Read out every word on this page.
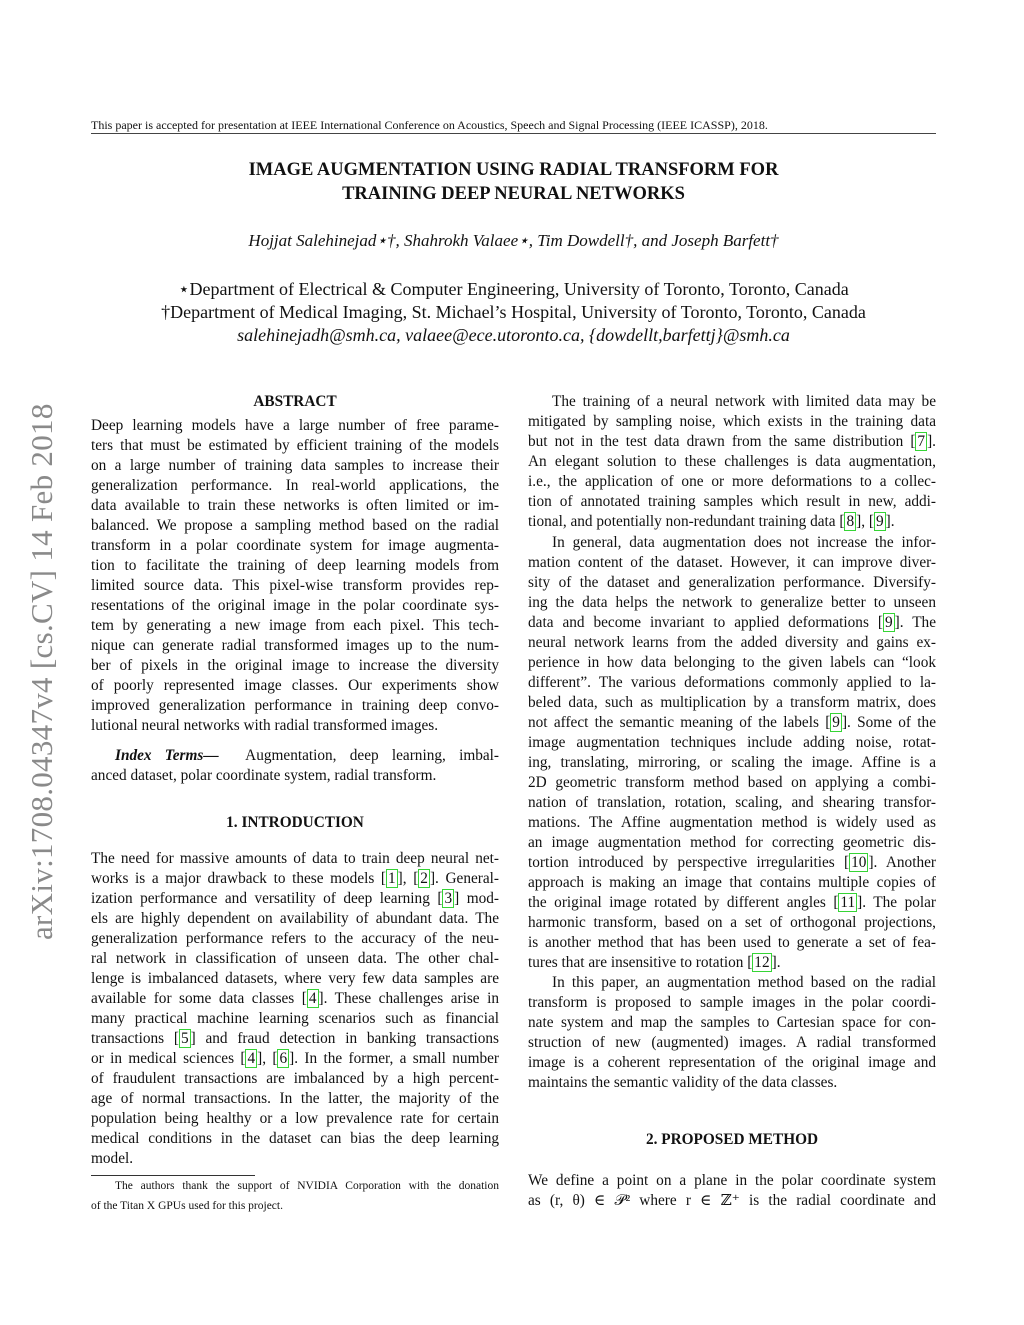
This paper is accepted for presentation at IEEE International Conference on Acoustics, Speech and Signal Processing (IEEE ICASSP), 2018.
IMAGE AUGMENTATION USING RADIAL TRANSFORM FOR
TRAINING DEEP NEURAL NETWORKS
Hojjat Salehinejad⋆†, Shahrokh Valaee⋆, Tim Dowdell†, and Joseph Barfett†
⋆Department of Electrical & Computer Engineering, University of Toronto, Toronto, Canada
†Department of Medical Imaging, St. Michael’s Hospital, University of Toronto, Toronto, Canada
salehinejadh@smh.ca, valaee@ece.utoronto.ca, {dowdellt,barfettj}@smh.ca
arXiv:1708.04347v4 [cs.CV] 14 Feb 2018
ABSTRACT
Deep learning models have a large number of free parame-
ters that must be estimated by efficient training of the models
on a large number of training data samples to increase their
generalization performance. In real-world applications, the
data available to train these networks is often limited or im-
balanced. We propose a sampling method based on the radial
transform in a polar coordinate system for image augmenta-
tion to facilitate the training of deep learning models from
limited source data. This pixel-wise transform provides rep-
resentations of the original image in the polar coordinate sys-
tem by generating a new image from each pixel. This tech-
nique can generate radial transformed images up to the num-
ber of pixels in the original image to increase the diversity
of poorly represented image classes. Our experiments show
improved generalization performance in training deep convo-
lutional neural networks with radial transformed images.
Index Terms— Augmentation, deep learning, imbal-
anced dataset, polar coordinate system, radial transform.
1. INTRODUCTION
The need for massive amounts of data to train deep neural net-
works is a major drawback to these models [ 1 ], [ 2 ]. General-
ization performance and versatility of deep learning [ 3 ] mod-
els are highly dependent on availability of abundant data. The
generalization performance refers to the accuracy of the neu-
ral network in classification of unseen data. The other chal-
lenge is imbalanced datasets, where very few data samples are
available for some data classes [ 4 ]. These challenges arise in
many practical machine learning scenarios such as financial
transactions [ 5 ] and fraud detection in banking transactions
or in medical sciences [ 4 ], [ 6 ]. In the former, a small number
of fraudulent transactions are imbalanced by a high percent-
age of normal transactions. In the latter, the majority of the
population being healthy or a low prevalence rate for certain
medical conditions in the dataset can bias the deep learning
model.
The authors thank the support of NVIDIA Corporation with the donation
of the Titan X GPUs used for this project.
The training of a neural network with limited data may be
mitigated by sampling noise, which exists in the training data
but not in the test data drawn from the same distribution [ 7 ].
An elegant solution to these challenges is data augmentation,
i.e., the application of one or more deformations to a collec-
tion of annotated training samples which result in new, addi-
tional, and potentially non-redundant training data [ 8 ], [ 9 ].
In general, data augmentation does not increase the infor-
mation content of the dataset. However, it can improve diver-
sity of the dataset and generalization performance. Diversify-
ing the data helps the network to generalize better to unseen
data and become invariant to applied deformations [ 9 ]. The
neural network learns from the added diversity and gains ex-
perience in how data belonging to the given labels can “look
different”. The various deformations commonly applied to la-
beled data, such as multiplication by a transform matrix, does
not affect the semantic meaning of the labels [ 9 ]. Some of the
image augmentation techniques include adding noise, rotat-
ing, translating, mirroring, or scaling the image. Affine is a
2D geometric transform method based on applying a combi-
nation of translation, rotation, scaling, and shearing transfor-
mations. The Affine augmentation method is widely used as
an image augmentation method for correcting geometric dis-
tortion introduced by perspective irregularities [ 10 ]. Another
approach is making an image that contains multiple copies of
the original image rotated by different angles [ 11 ]. The polar
harmonic transform, based on a set of orthogonal projections,
is another method that has been used to generate a set of fea-
tures that are insensitive to rotation [ 12 ].
In this paper, an augmentation method based on the radial
transform is proposed to sample images in the polar coordi-
nate system and map the samples to Cartesian space for con-
struction of new (augmented) images. A radial transformed
image is a coherent representation of the original image and
maintains the semantic validity of the data classes.
2. PROPOSED METHOD
We define a point on a plane in the polar coordinate system
as (r, θ) ∈ 𝒫² where r ∈ ℤ⁺ is the radial coordinate and
